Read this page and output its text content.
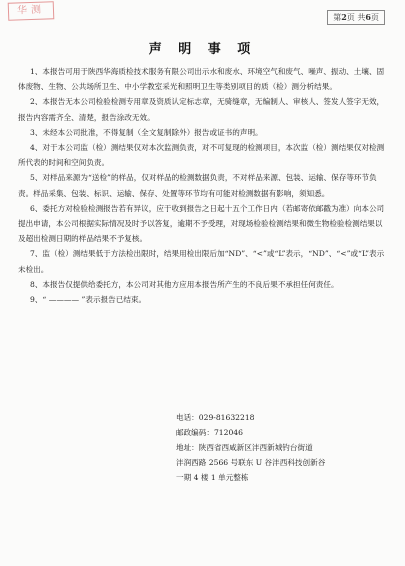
华测
第2页 共6页
声 明 事 项

1、本报告可用于陕西华海质检技术服务有限公司出示水和废水、环境空气和废气、噪声、振动、土壤、固体废物、生物、公共场所卫生、中小学教室采光和照明卫生等类别项目的质（检）测分析结果。

2、本报告无本公司检验检测专用章及资质认定标志章，无骑缝章，无编制人、审核人、签发人签字无效，报告内容需齐全、清楚，报告涂改无效。

3、未经本公司批准，不得复制（全文复制除外）报告或证书的声明。

4、对于本公司监（检）测结果仅对本次监测负责，对不可复现的检测项目，本次监（检）测结果仅对检测所代表的时间和空间负责。

5、对样品来源为“送检”的样品，仅对样品的检测数据负责，不对样品来源、包装、运输、保存等环节负责。样品采集、包装、标识、运输、保存、处置等环节均有可能对检测数据有影响，须知悉。

6、委托方对检验检测报告若有异议，应于收到报告之日起十五个工作日内（若邮寄依邮戳为准）向本公司提出申请，本公司根据实际情况及时予以答复，逾期不予受理，对现场检验检测结果和微生物检验检测结果以及超出检测日期的样品结果不予复核。

7、监（检）测结果低于方法检出限时，结果用检出限后加“ND”、“<”或“L”表示，“ND”、“<”或“L”表示未检出。

8、本报告仅提供给委托方，本公司对其他方应用本报告所产生的不良后果不承担任何责任。

9、“ ———— ”表示报告已结束。

电话：029-81632218
邮政编码：712046
地址：陕西省西咸新区沣西新城钓台街道
沣润西路 2566 号联东 U 谷沣西科技创新谷
一期 4 楼 1 单元整栋
